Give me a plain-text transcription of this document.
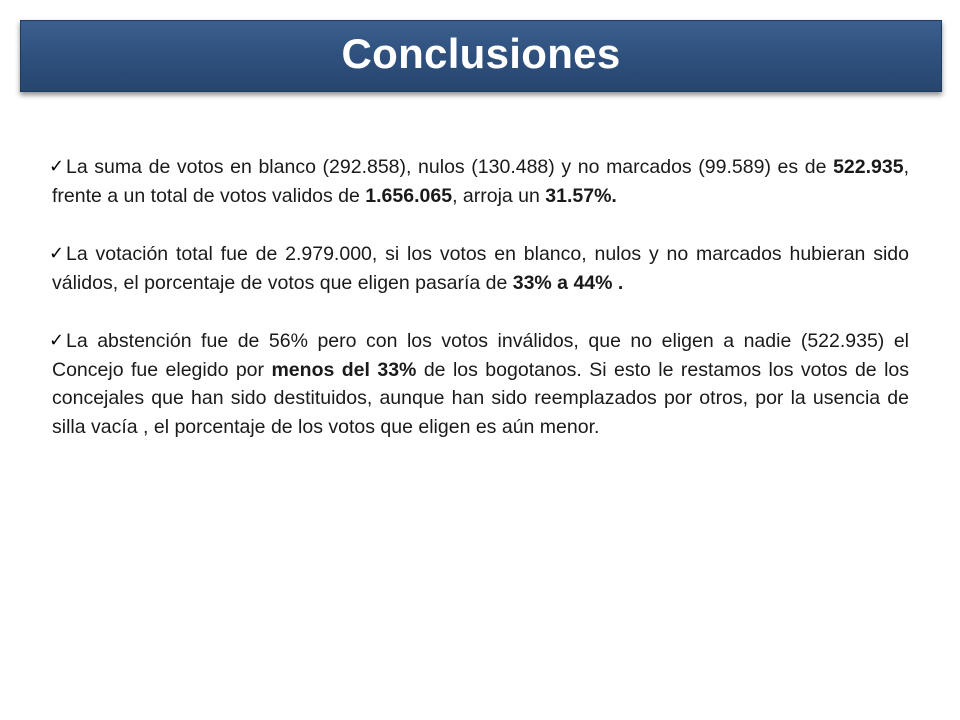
Conclusiones

✓ La suma de votos en blanco (292.858), nulos (130.488) y no marcados (99.589) es de 522.935, frente a un total de votos validos de 1.656.065, arroja un 31.57%.

✓ La votación total fue de 2.979.000, si los votos en blanco, nulos y no marcados hubieran sido válidos, el porcentaje de votos que eligen pasaría de 33% a 44% .

✓ La abstención fue de 56% pero con los votos inválidos, que no eligen a nadie (522.935) el Concejo fue elegido por menos del 33% de los bogotanos. Si esto le restamos los votos de los concejales que han sido destituidos, aunque han sido reemplazados por otros, por la usencia de silla vacía , el porcentaje de los votos que eligen es aún menor.
